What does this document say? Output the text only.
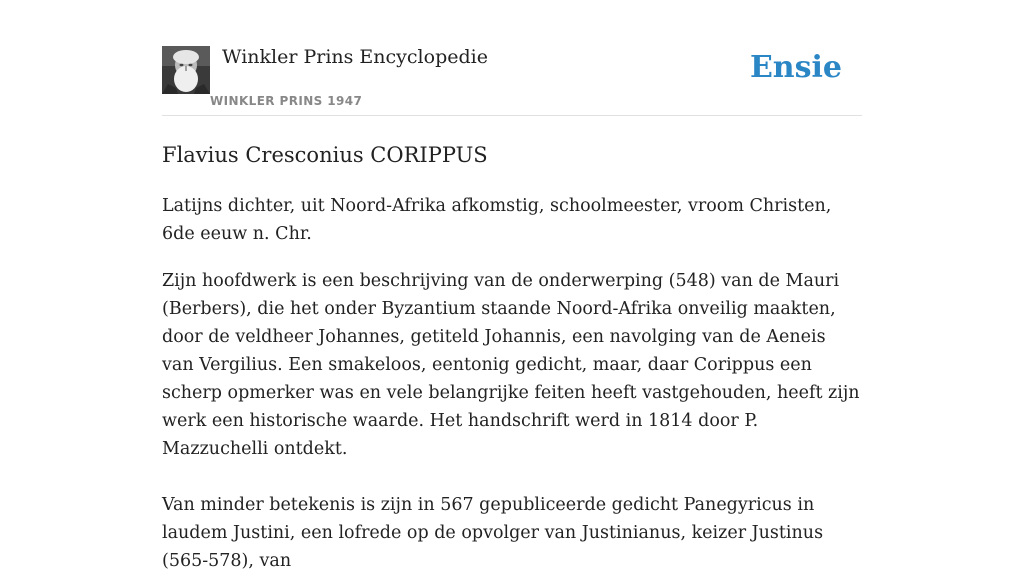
Winkler Prins Encyclopedie
WINKLER PRINS 1947
Ensie
Flavius Cresconius CORIPPUS

Latijns dichter, uit Noord-Afrika afkomstig, schoolmeester, vroom Christen, 6de eeuw n. Chr.

Zijn hoofdwerk is een beschrijving van de onderwerping (548) van de Mauri (Berbers), die het onder Byzantium staande Noord-Afrika onveilig maakten, door de veldheer Johannes, getiteld Johannis, een navolging van de Aeneis van Vergilius. Een smakeloos, eentonig gedicht, maar, daar Corippus een scherp opmerker was en vele belangrijke feiten heeft vastgehouden, heeft zijn werk een historische waarde. Het handschrift werd in 1814 door P. Mazzuchelli ontdekt.

Van minder betekenis is zijn in 567 gepubliceerde gedicht Panegyricus in laudem Justini, een lofrede op de opvolger van Justinianus, keizer Justinus (565-578), van
